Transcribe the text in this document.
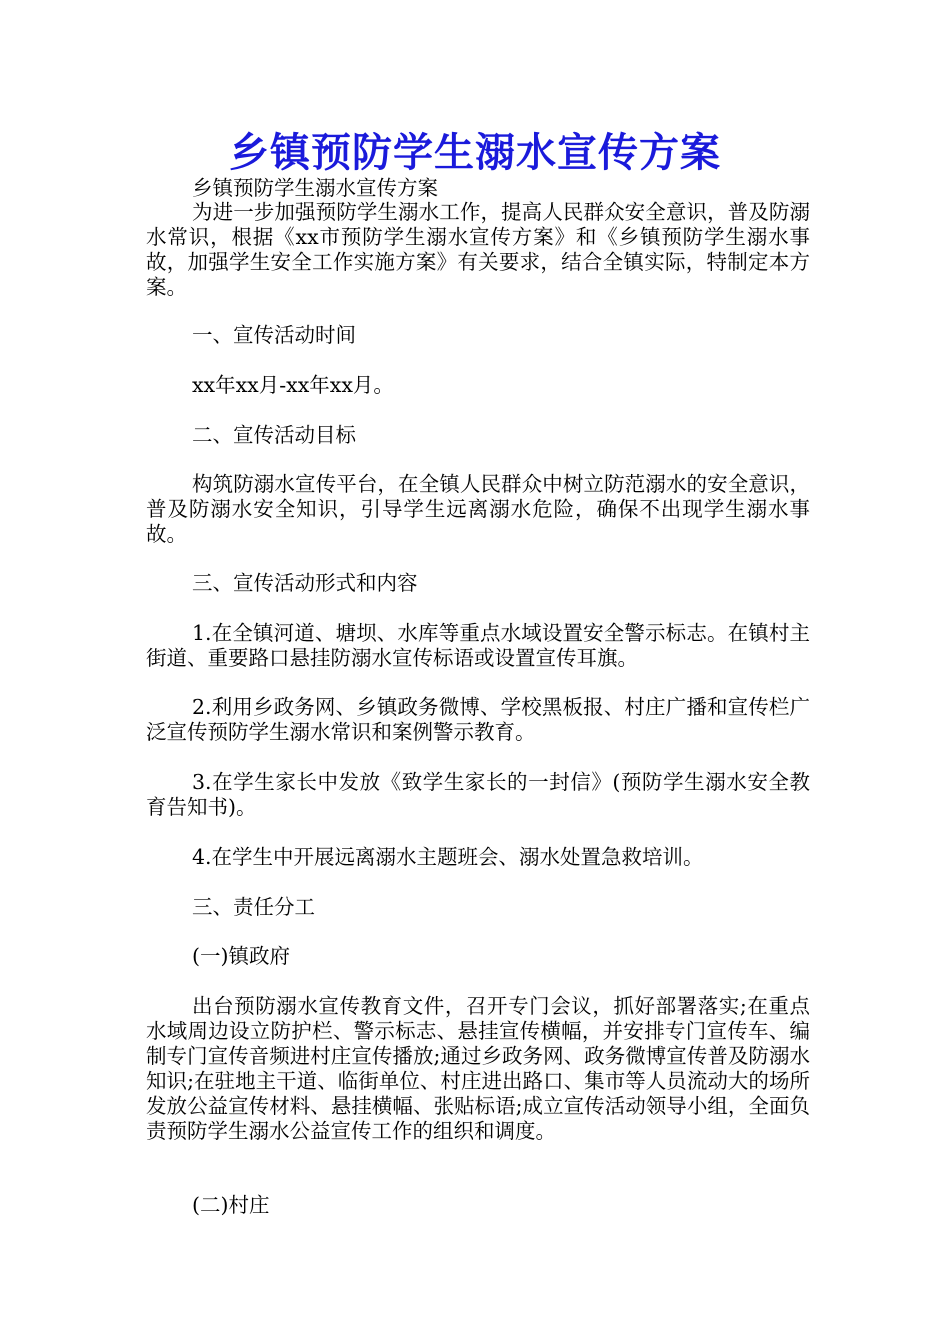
乡镇预防学生溺水宣传方案
乡镇预防学生溺水宣传方案
为进一步加强预防学生溺水工作，提高人民群众安全意识，普及防溺水常识，根据《xx市预防学生溺水宣传方案》和《乡镇预防学生溺水事故，加强学生安全工作实施方案》有关要求，结合全镇实际，特制定本方案。
一、宣传活动时间
xx年xx月-xx年xx月。
二、宣传活动目标
构筑防溺水宣传平台，在全镇人民群众中树立防范溺水的安全意识，普及防溺水安全知识，引导学生远离溺水危险，确保不出现学生溺水事故。
三、宣传活动形式和内容
1.在全镇河道、塘坝、水库等重点水域设置安全警示标志。在镇村主街道、重要路口悬挂防溺水宣传标语或设置宣传耳旗。
2.利用乡政务网、乡镇政务微博、学校黑板报、村庄广播和宣传栏广泛宣传预防学生溺水常识和案例警示教育。
3.在学生家长中发放《致学生家长的一封信》(预防学生溺水安全教育告知书)。
4.在学生中开展远离溺水主题班会、溺水处置急救培训。
三、责任分工
(一)镇政府
出台预防溺水宣传教育文件，召开专门会议，抓好部署落实;在重点水域周边设立防护栏、警示标志、悬挂宣传横幅，并安排专门宣传车、编制专门宣传音频进村庄宣传播放;通过乡政务网、政务微博宣传普及防溺水知识;在驻地主干道、临街单位、村庄进出路口、集市等人员流动大的场所发放公益宣传材料、悬挂横幅、张贴标语;成立宣传活动领导小组，全面负责预防学生溺水公益宣传工作的组织和调度。
(二)村庄
